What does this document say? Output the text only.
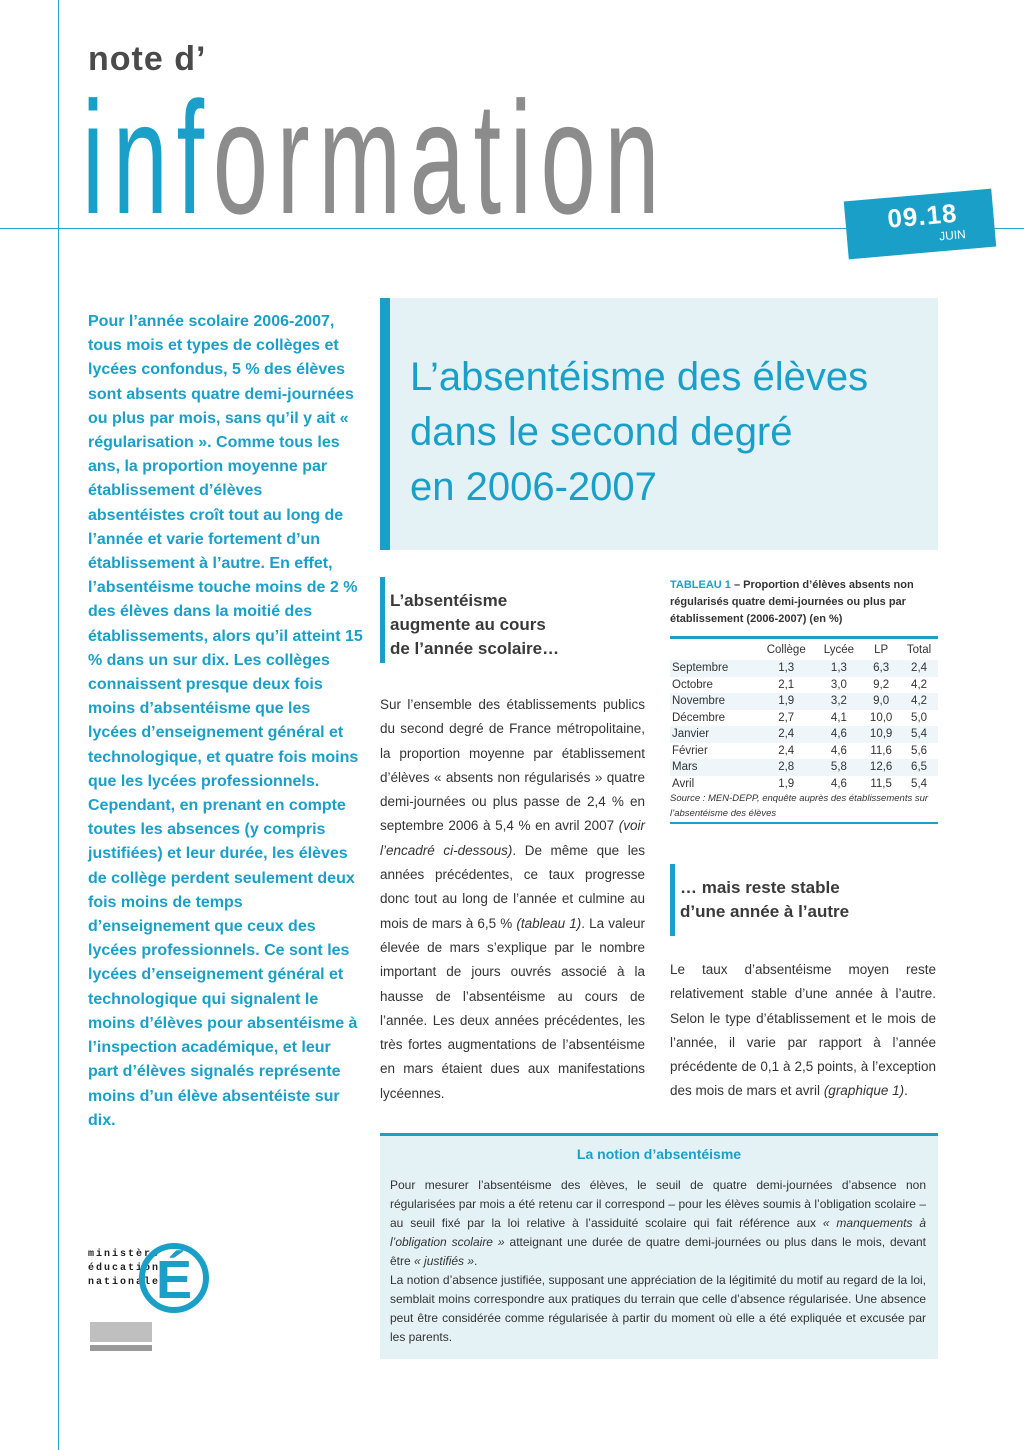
note d’
information	09.18
JUIN
Pour l’année scolaire 2006-2007, tous mois et types de collèges et lycées confondus, 5 % des élèves sont absents quatre demi-journées ou plus par mois, sans qu’il y ait « régularisation ». Comme tous les ans, la proportion moyenne par établissement d’élèves absentéistes croît tout au long de l’année et varie fortement d’un établissement à l’autre. En effet, l’absentéisme touche moins de 2 % des élèves dans la moitié des établissements, alors qu’il atteint 15 % dans un sur dix. Les collèges connaissent presque deux fois moins d’absentéisme que les lycées d’enseignement général et technologique, et quatre fois moins que les lycées professionnels. Cependant, en prenant en compte toutes les absences (y compris justifiées) et leur durée, les élèves de collège perdent seulement deux fois moins de temps d’enseignement que ceux des lycées professionnels. Ce sont les lycées d’enseignement général et technologique qui signalent le moins d’élèves pour absentéisme à l’inspection académique, et leur part d’élèves signalés représente moins d’un élève absentéiste sur dix.
L’absentéisme des élèves
dans le second degré
en 2006-2007
L’absentéisme
augmente au cours
de l’année scolaire…
Sur l’ensemble des établissements publics du second degré de France métropolitaine, la proportion moyenne par établissement d’élèves « absents non régularisés » quatre demi-journées ou plus passe de 2,4 % en septembre 2006 à 5,4 % en avril 2007 (voir l’encadré ci-dessous). De même que les années précédentes, ce taux progresse donc tout au long de l’année et culmine au mois de mars à 6,5 % (tableau 1). La valeur élevée de mars s’explique par le nombre important de jours ouvrés associé à la hausse de l’absentéisme au cours de l’année. Les deux années précédentes, les très fortes augmentations de l’absentéisme en mars étaient dues aux manifestations lycéennes.
TABLEAU 1 – Proportion d’élèves absents non régularisés quatre demi-journées ou plus par établissement (2006-2007) (en %)
	Collège	Lycée	LP	Total
Septembre	1,3	1,3	6,3	2,4
Octobre	2,1	3,0	9,2	4,2
Novembre	1,9	3,2	9,0	4,2
Décembre	2,7	4,1	10,0	5,0
Janvier	2,4	4,6	10,9	5,4
Février	2,4	4,6	11,6	5,6
Mars	2,8	5,8	12,6	6,5
Avril	1,9	4,6	11,5	5,4
Source : MEN-DEPP, enquête auprès des établissements sur l’absentéisme des élèves
… mais reste stable
d’une année à l’autre
Le taux d’absentéisme moyen reste relativement stable d’une année à l’autre. Selon le type d’établissement et le mois de l’année, il varie par rapport à l’année précédente de 0,1 à 2,5 points, à l’exception des mois de mars et avril (graphique 1).
La notion d’absentéisme
Pour mesurer l’absentéisme des élèves, le seuil de quatre demi-journées d’absence non régularisées par mois a été retenu car il correspond – pour les élèves soumis à l’obligation scolaire – au seuil fixé par la loi relative à l’assiduité scolaire qui fait référence aux « manquements à l’obligation scolaire » atteignant une durée de quatre demi-journées ou plus dans le mois, devant être « justifiés ».
La notion d’absence justifiée, supposant une appréciation de la légitimité du motif au regard de la loi, semblait moins correspondre aux pratiques du terrain que celle d’absence régularisée. Une absence peut être considérée comme régularisée à partir du moment où elle a été expliquée et excusée par les parents.
ministère
éducation
nationale
É
